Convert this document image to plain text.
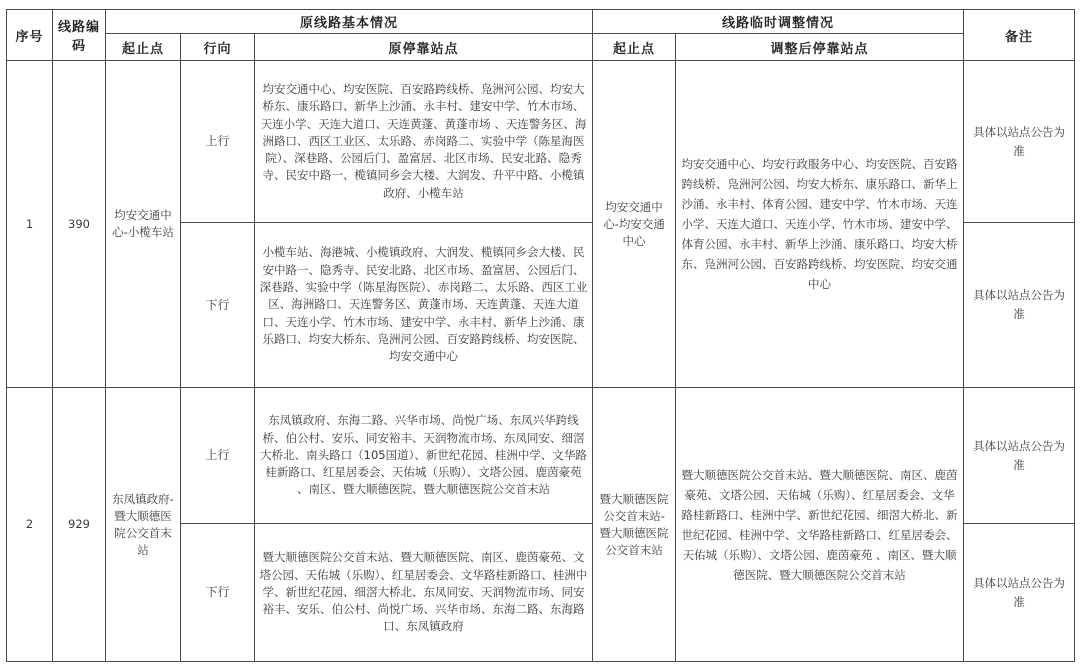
序号	线路编码	原线路基本情况			线路临时调整情况		备注
		起止点	行向	原停靠站点	起止点	调整后停靠站点	
1	390	均安交通中心-小榄车站	上行	均安交通中心、均安医院、百安路跨线桥、凫洲河公园、均安大桥东、康乐路口、新华上沙涌、永丰村、建安中学、竹木市场、天连小学、天连大道口、天连黄蓬、黄蓬市场 、天连警务区、海洲路口、西区工业区、太乐路、赤岗路二、实验中学（陈星海医院）、深巷路、公园后门、盈富居、北区市场、民安北路、隐秀寺、民安中路一、榄镇同乡会大楼、大润发、升平中路、小榄镇政府、小榄车站	均安交通中心-均安交通中心	均安交通中心、均安行政服务中心、均安医院、百安路跨线桥、凫洲河公园、均安大桥东、康乐路口、新华上沙涌、永丰村、体育公园、建安中学、竹木市场、天连小学、天连大道口、天连小学、竹木市场、建安中学、体育公园、永丰村、新华上沙涌、康乐路口、均安大桥东、凫洲河公园、百安路跨线桥、均安医院、均安交通中心	具体以站点公告为准
			下行	小榄车站、海港城、小榄镇政府、大润发、榄镇同乡会大楼、民安中路一、隐秀寺、民安北路、北区市场、盈富居、公园后门、深巷路、实验中学（陈星海医院）、赤岗路二、太乐路、西区工业区、海洲路口、天连警务区、黄蓬市场、天连黄蓬、天连大道口、天连小学、竹木市场、建安中学、永丰村、新华上沙涌、康乐路口、均安大桥东、凫洲河公园、百安路跨线桥、均安医院、均安交通中心			具体以站点公告为准
2	929	东凤镇政府-暨大顺德医院公交首末站	上行	东凤镇政府、东海二路、兴华市场、尚悦广场、东凤兴华跨线桥、伯公村、安乐、同安裕丰、天润物流市场、东凤同安、细滘大桥北、南头路口（105国道）、新世纪花园、桂洲中学、文华路桂新路口、红星居委会、天佑城（乐购）、文塔公园、鹿茵豪苑 、南区、暨大顺德医院、暨大顺德医院公交首末站	暨大顺德医院公交首末站-暨大顺德医院公交首末站	暨大顺德医院公交首末站、暨大顺德医院、南区、鹿茵豪苑、文塔公园、天佑城（乐购）、红星居委会、文华路桂新路口、桂洲中学、新世纪花园、细滘大桥北、新世纪花园、桂洲中学、文华路桂新路口、红星居委会、天佑城（乐购）、文塔公园、鹿茵豪苑 、南区、暨大顺德医院、暨大顺德医院公交首末站	具体以站点公告为准
			下行	暨大顺德医院公交首末站、暨大顺德医院、南区、鹿茵豪苑、文塔公园、天佑城（乐购）、红星居委会、文华路桂新路口、桂洲中学、新世纪花园、细滘大桥北、东凤同安、天润物流市场、同安裕丰、安乐、伯公村、尚悦广场、兴华市场、东海二路、东海路口、东凤镇政府			具体以站点公告为准
